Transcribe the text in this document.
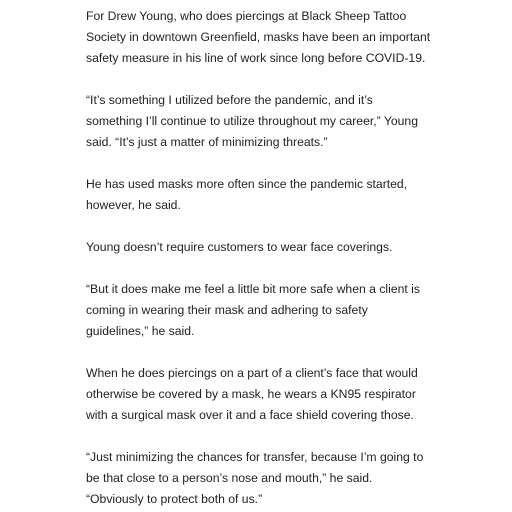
For Drew Young, who does piercings at Black Sheep Tattoo Society in downtown Greenfield, masks have been an important safety measure in his line of work since long before COVID-19.

“It’s something I utilized before the pandemic, and it’s something I’ll continue to utilize throughout my career,” Young said. “It’s just a matter of minimizing threats.”

He has used masks more often since the pandemic started, however, he said.

Young doesn’t require customers to wear face coverings.

“But it does make me feel a little bit more safe when a client is coming in wearing their mask and adhering to safety guidelines,” he said.

When he does piercings on a part of a client’s face that would otherwise be covered by a mask, he wears a KN95 respirator with a surgical mask over it and a face shield covering those.

“Just minimizing the chances for transfer, because I’m going to be that close to a person’s nose and mouth,” he said. “Obviously to protect both of us.”
